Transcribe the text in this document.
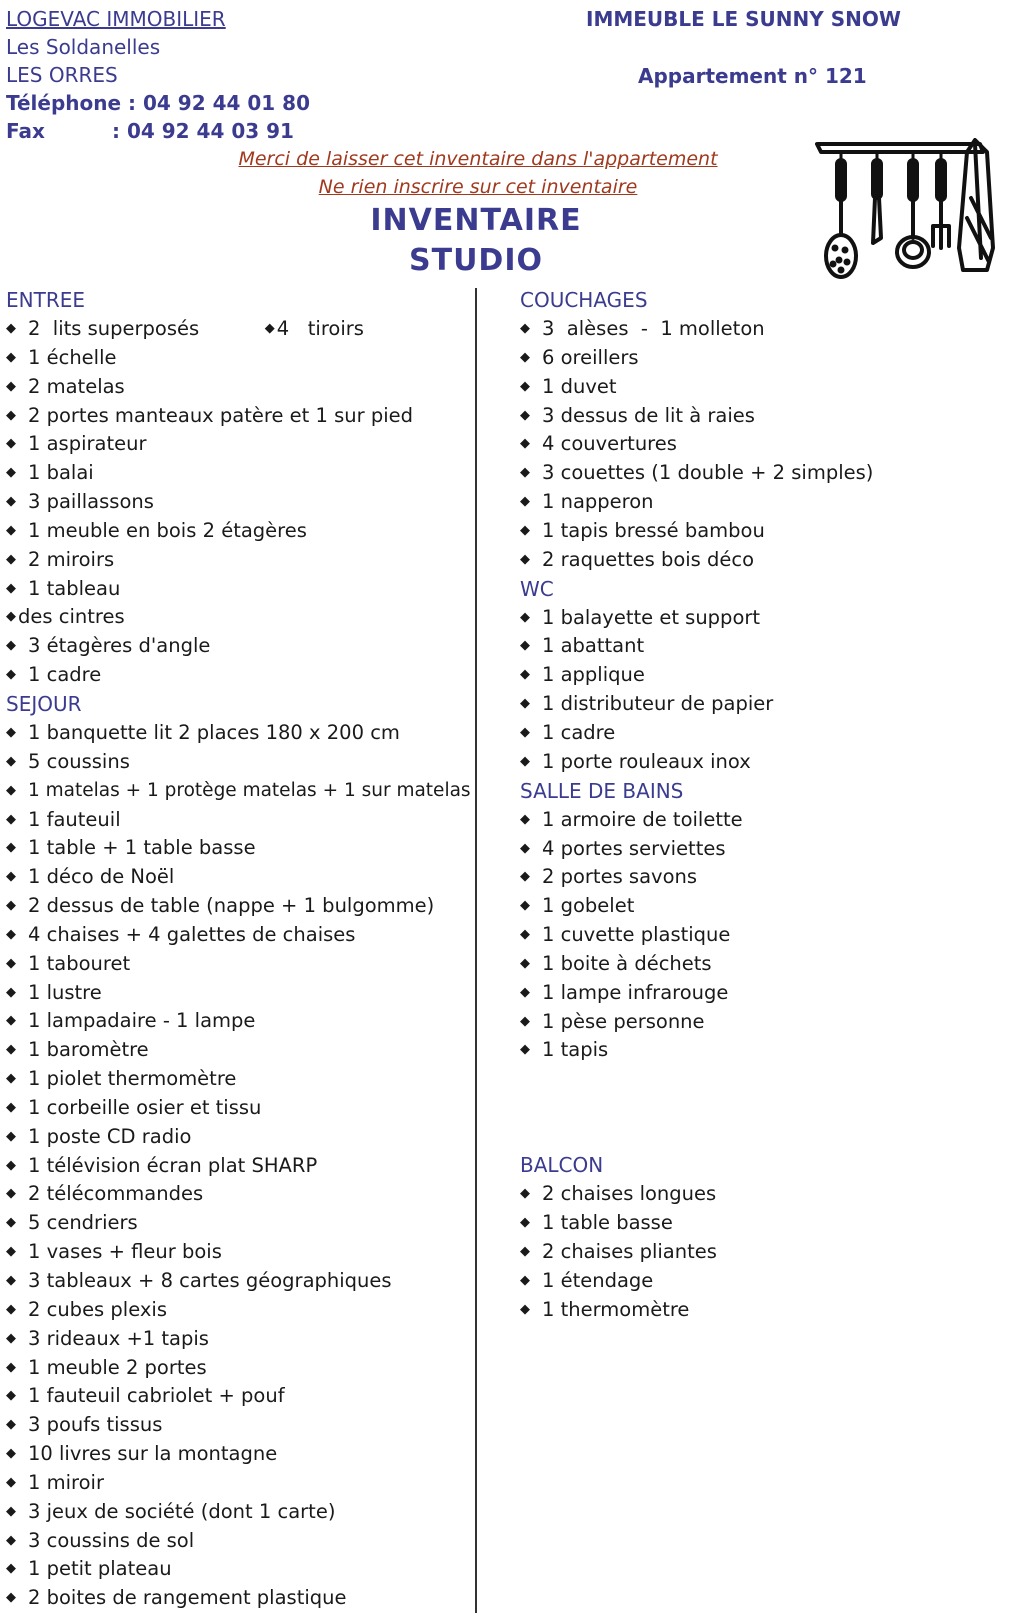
LOGEVAC IMMOBILIER
Les Soldanelles
LES ORRES
Téléphone : 04 92 44 01 80
Fax	: 04 92 44 03 91
IMMEUBLE LE SUNNY SNOW
Appartement n° 121
Merci de laisser cet inventaire dans l'appartement
Ne rien inscrire sur cet inventaire
INVENTAIRE
STUDIO
ENTREE
◆ 2  lits superposés        ◆ 4   tiroirs
◆ 1 échelle
◆ 2 matelas
◆ 2 portes manteaux patère et 1 sur pied
◆ 1 aspirateur
◆ 1 balai
◆ 3 paillassons
◆ 1 meuble en bois 2 étagères
◆ 2 miroirs
◆ 1 tableau
◆ des cintres
◆ 3 étagères d'angle
◆ 1 cadre
SEJOUR
◆ 1 banquette lit 2 places 180 x 200 cm
◆ 5 coussins
◆ 1 matelas + 1 protège matelas + 1 sur matelas
◆ 1 fauteuil
◆ 1 table + 1 table basse
◆ 1 déco de Noël
◆ 2 dessus de table (nappe + 1 bulgomme)
◆ 4 chaises + 4 galettes de chaises
◆ 1 tabouret
◆ 1 lustre
◆ 1 lampadaire - 1 lampe
◆ 1 baromètre
◆ 1 piolet thermomètre
◆ 1 corbeille osier et tissu
◆ 1 poste CD radio
◆ 1 télévision écran plat SHARP
◆ 2 télécommandes
◆ 5 cendriers
◆ 1 vases + fleur bois
◆ 3 tableaux + 8 cartes géographiques
◆ 2 cubes plexis
◆ 3 rideaux +1 tapis
◆ 1 meuble 2 portes
◆ 1 fauteuil cabriolet + pouf
◆ 3 poufs tissus
◆ 10 livres sur la montagne
◆ 1 miroir
◆ 3 jeux de société (dont 1 carte)
◆ 3 coussins de sol
◆ 1 petit plateau
◆ 2 boites de rangement plastique
COUCHAGES
◆ 3  alèses  -  1 molleton
◆ 6 oreillers
◆ 1 duvet
◆ 3 dessus de lit à raies
◆ 4 couvertures
◆ 3 couettes (1 double + 2 simples)
◆ 1 napperon
◆ 1 tapis bressé bambou
◆ 2 raquettes bois déco
WC
◆ 1 balayette et support
◆ 1 abattant
◆ 1 applique
◆ 1 distributeur de papier
◆ 1 cadre
◆ 1 porte rouleaux inox
SALLE DE BAINS
◆ 1 armoire de toilette
◆ 4 portes serviettes
◆ 2 portes savons
◆ 1 gobelet
◆ 1 cuvette plastique
◆ 1 boite à déchets
◆ 1 lampe infrarouge
◆ 1 pèse personne
◆ 1 tapis
BALCON
◆ 2 chaises longues
◆ 1 table basse
◆ 2 chaises pliantes
◆ 1 étendage
◆ 1 thermomètre
